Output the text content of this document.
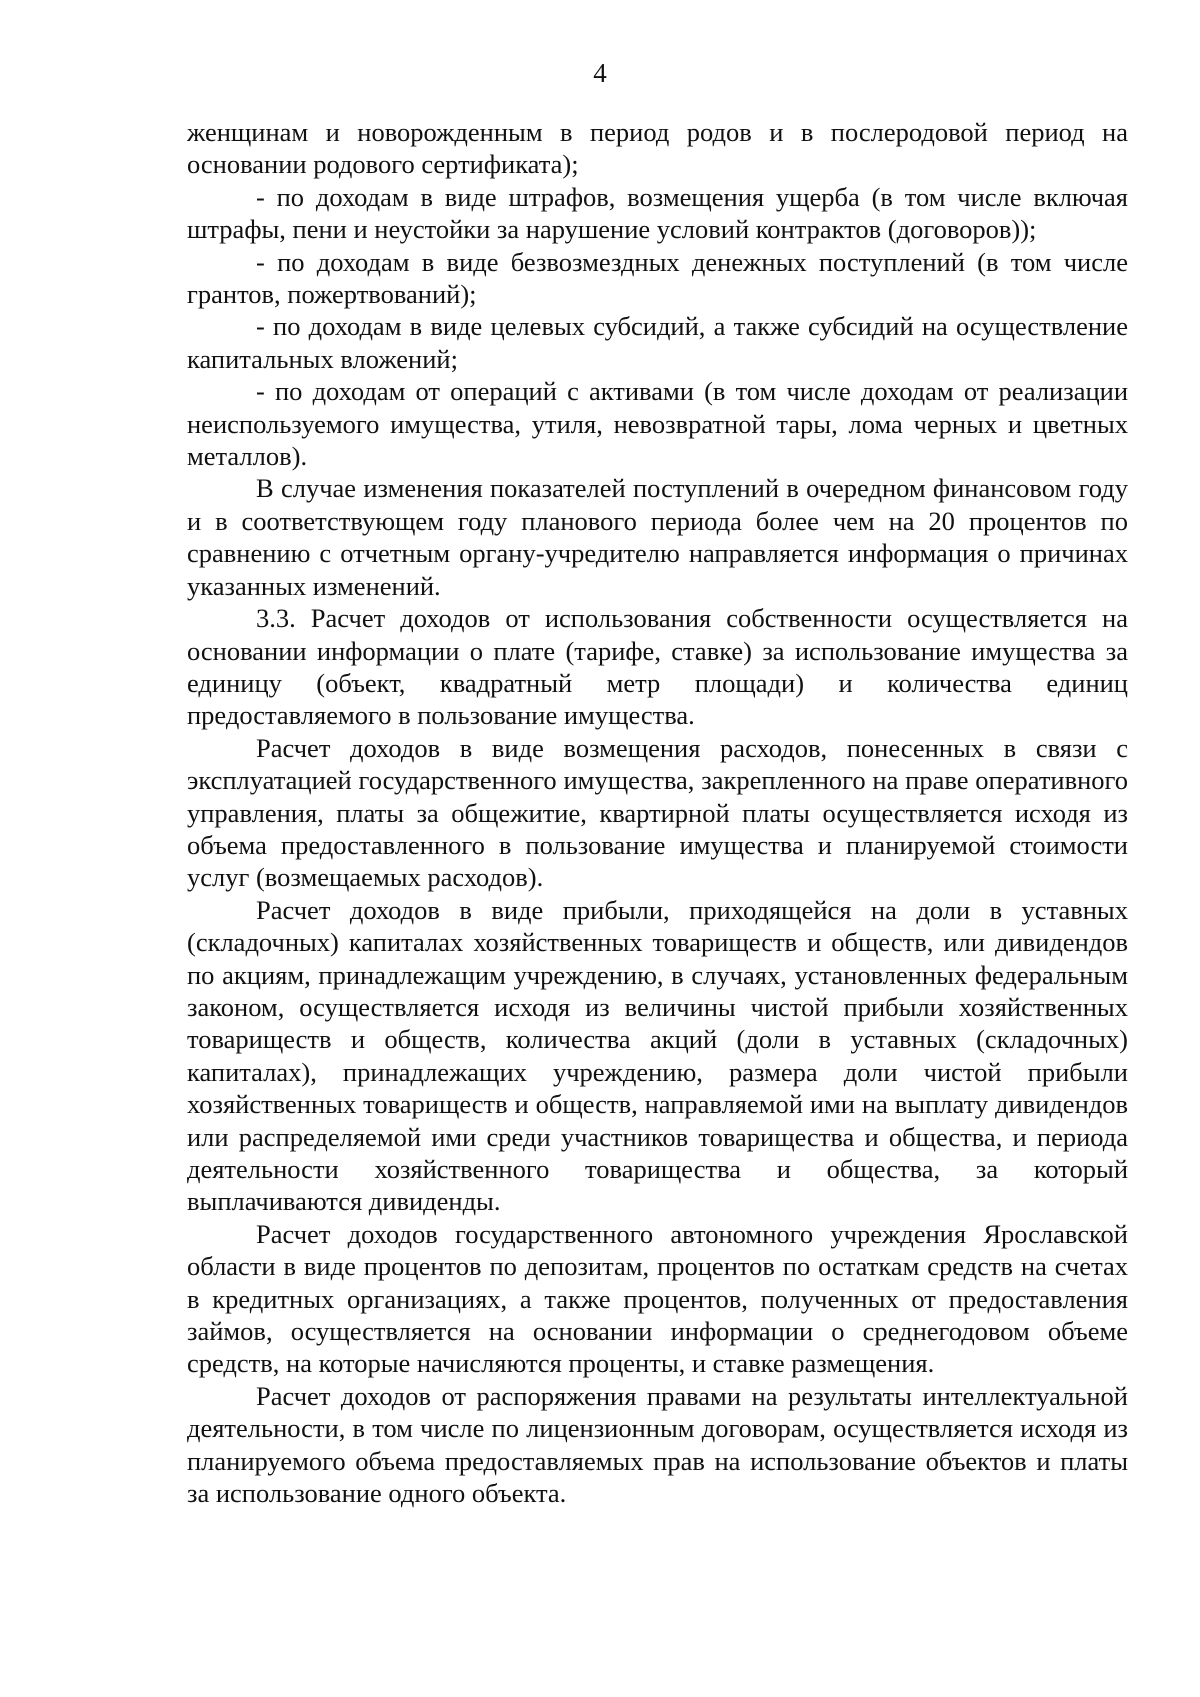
4

женщинам и новорожденным в период родов и в послеродовой период на основании родового сертификата);

- по доходам в виде штрафов, возмещения ущерба (в том числе включая штрафы, пени и неустойки за нарушение условий контрактов (договоров));

- по доходам в виде безвозмездных денежных поступлений (в том числе грантов, пожертвований);

- по доходам в виде целевых субсидий, а также субсидий на осуществление капитальных вложений;

- по доходам от операций с активами (в том числе доходам от реализации неиспользуемого имущества, утиля, невозвратной тары, лома черных и цветных металлов).

В случае изменения показателей поступлений в очередном финансовом году и в соответствующем году планового периода более чем на 20 процентов по сравнению с отчетным органу-учредителю направляется информация о причинах указанных изменений.

3.3. Расчет доходов от использования собственности осуществляется на основании информации о плате (тарифе, ставке) за использование имущества за единицу (объект, квадратный метр площади) и количества единиц предоставляемого в пользование имущества.

Расчет доходов в виде возмещения расходов, понесенных в связи с эксплуатацией государственного имущества, закрепленного на праве оперативного управления, платы за общежитие, квартирной платы осуществляется исходя из объема предоставленного в пользование имущества и планируемой стоимости услуг (возмещаемых расходов).

Расчет доходов в виде прибыли, приходящейся на доли в уставных (складочных) капиталах хозяйственных товариществ и обществ, или дивидендов по акциям, принадлежащим учреждению, в случаях, установленных федеральным законом, осуществляется исходя из величины чистой прибыли хозяйственных товариществ и обществ, количества акций (доли в уставных (складочных) капиталах), принадлежащих учреждению, размера доли чистой прибыли хозяйственных товариществ и обществ, направляемой ими на выплату дивидендов или распределяемой ими среди участников товарищества и общества, и периода деятельности хозяйственного товарищества и общества, за который выплачиваются дивиденды.

Расчет доходов государственного автономного учреждения Ярославской области в виде процентов по депозитам, процентов по остаткам средств на счетах в кредитных организациях, а также процентов, полученных от предоставления займов, осуществляется на основании информации о среднегодовом объеме средств, на которые начисляются проценты, и ставке размещения.

Расчет доходов от распоряжения правами на результаты интеллектуальной деятельности, в том числе по лицензионным договорам, осуществляется исходя из планируемого объема предоставляемых прав на использование объектов и платы за использование одного объекта.
